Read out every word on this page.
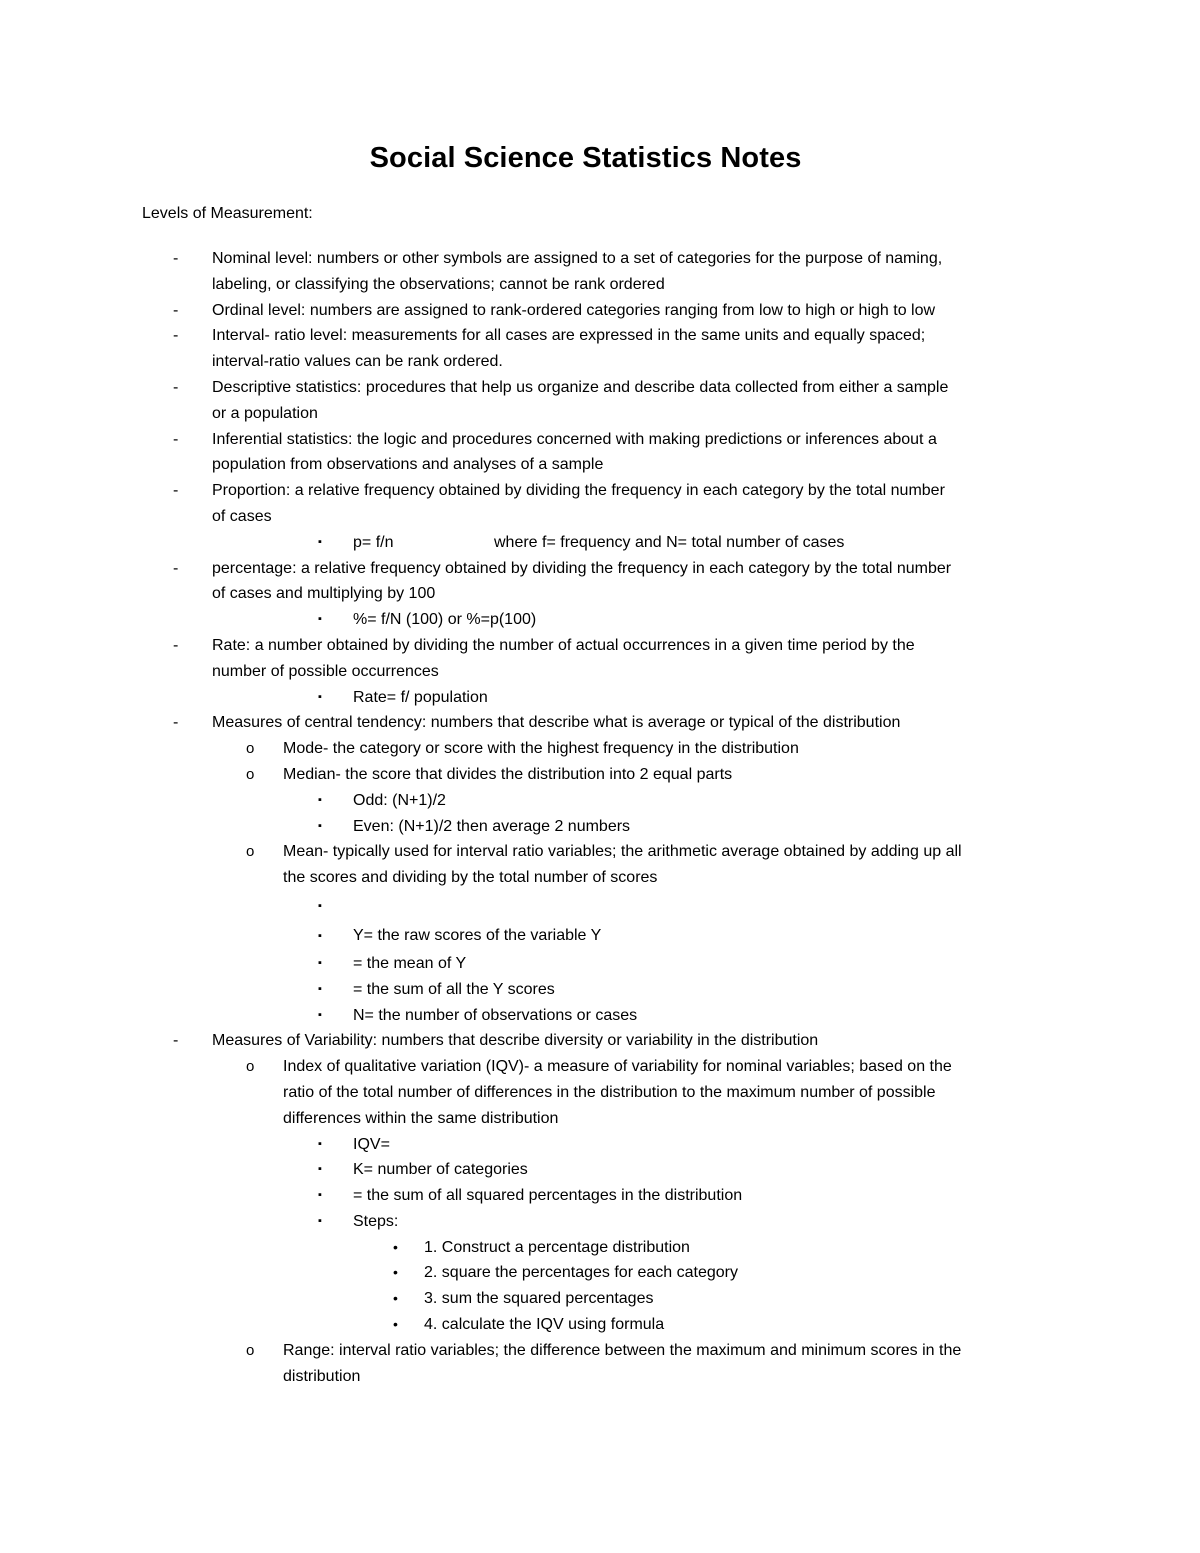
Social Science Statistics Notes

Levels of Measurement:

- Nominal level: numbers or other symbols are assigned to a set of categories for the purpose of naming,
labeling, or classifying the observations; cannot be rank ordered
- Ordinal level: numbers are assigned to rank-ordered categories ranging from low to high or high to low
- Interval- ratio level: measurements for all cases are expressed in the same units and equally spaced;
interval-ratio values can be rank ordered.
- Descriptive statistics: procedures that help us organize and describe data collected from either a sample
or a population
- Inferential statistics: the logic and procedures concerned with making predictions or inferences about a
population from observations and analyses of a sample
- Proportion: a relative frequency obtained by dividing the frequency in each category by the total number
of cases
▪ p= f/n	where f= frequency and N= total number of cases
- percentage: a relative frequency obtained by dividing the frequency in each category by the total number
of cases and multiplying by 100
▪ %= f/N (100) or %=p(100)
- Rate: a number obtained by dividing the number of actual occurrences in a given time period by the
number of possible occurrences
▪ Rate= f/ population
- Measures of central tendency: numbers that describe what is average or typical of the distribution
o Mode- the category or score with the highest frequency in the distribution
o Median- the score that divides the distribution into 2 equal parts
▪ Odd: (N+1)/2
▪ Even: (N+1)/2 then average 2 numbers
o Mean- typically used for interval ratio variables; the arithmetic average obtained by adding up all
the scores and dividing by the total number of scores
▪
▪ Y= the raw scores of the variable Y
▪ = the mean of Y
▪ = the sum of all the Y scores
▪ N= the number of observations or cases
- Measures of Variability: numbers that describe diversity or variability in the distribution
o Index of qualitative variation (IQV)- a measure of variability for nominal variables; based on the
ratio of the total number of differences in the distribution to the maximum number of possible
differences within the same distribution
▪ IQV=
▪ K= number of categories
▪ = the sum of all squared percentages in the distribution
▪ Steps:
• 1. Construct a percentage distribution
• 2. square the percentages for each category
• 3. sum the squared percentages
• 4. calculate the IQV using formula
o Range: interval ratio variables; the difference between the maximum and minimum scores in the
distribution
